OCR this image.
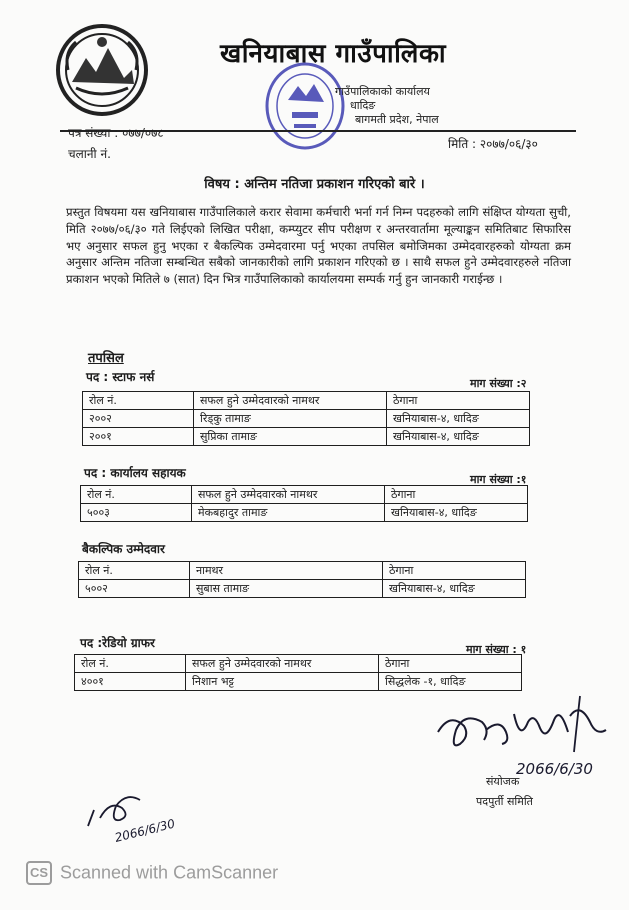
खनियाबास गाउँपालिका
गाउँपालिकाको कार्यालय
धादिङ
बागमती प्रदेश, नेपाल
पत्र संख्या : ०७७/०७८
चलानी नं.
मिति : २०७७/०६/३०
विषय : अन्तिम नतिजा प्रकाशन गरिएको बारे ।
प्रस्तुत विषयमा यस खनियाबास गाउँपालिकाले करार सेवामा कर्मचारी भर्ना गर्न निम्न पदहरुको लागि संक्षिप्त योग्यता सुची, मिति २०७७/०६/३० गते लिईएको लिखित परीक्षा, कम्प्युटर सीप परीक्षण र अन्तरवार्तामा मूल्याङ्कन समितिबाट सिफारिस भए अनुसार सफल हुनु भएका र बैकल्पिक उम्मेदवारमा पर्नु भएका तपसिल बमोजिमका उम्मेदवारहरुको योग्यता क्रम अनुसार अन्तिम नतिजा सम्बन्धित सबैको जानकारीको लागि प्रकाशन गरिएको छ । साथै सफल हुने उम्मेदवारहरुले नतिजा प्रकाशन भएको मितिले ७ (सात) दिन भित्र गाउँपालिकाको कार्यालयमा सम्पर्क गर्नु हुन जानकारी गराईन्छ ।
तपसिल
पद : स्टाफ नर्स	माग संख्या :२
रोल नं.	सफल हुने उम्मेदवारको नामथर	ठेगाना
२००२	रिड्कु तामाङ	खनियाबास-४, धादिङ
२००१	सुप्रिका तामाङ	खनियाबास-४, धादिङ
पद : कार्यालय सहायक	माग संख्या :१
रोल नं.	सफल हुने उम्मेदवारको नामथर	ठेगाना
५००३	मेकबहादुर तामाङ	खनियाबास-४, धादिङ
बैकल्पिक उम्मेदवार
रोल नं.	नामथर	ठेगाना
५००२	सुबास तामाङ	खनियाबास-४, धादिङ
पद :रेडियो ग्राफर	माग संख्या : १
रोल नं.	सफल हुने उम्मेदवारको नामथर	ठेगाना
४००१	निशान भट्ट	सिद्धलेक -१, धादिङ
2066/6/30
संयोजक
पदपुर्ती समिति
2066/6/30
CS Scanned with CamScanner
